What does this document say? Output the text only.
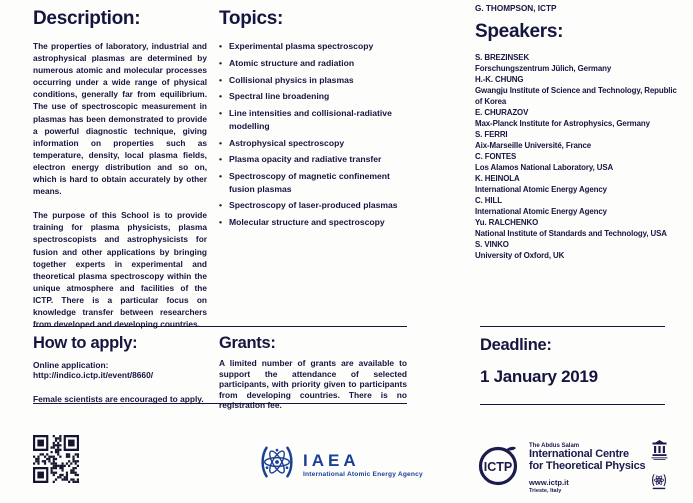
Description:

The properties of laboratory, industrial and astrophysical plasmas are determined by numerous atomic and molecular processes occurring under a wide range of physical conditions, generally far from equilibrium. The use of spectroscopic measurement in plasmas has been demonstrated to provide a powerful diagnostic technique, giving information on properties such as temperature, density, local plasma fields, electron energy distribution and so on, which is hard to obtain accurately by other means.

The purpose of this School is to provide training for plasma physicists, plasma spectroscopists and astrophysicists for fusion and other applications by bringing together experts in experimental and theoretical plasma spectroscopy within the unique atmosphere and facilities of the ICTP. There is a particular focus on knowledge transfer between researchers from developed and developing countries.

Topics:
• Experimental plasma spectroscopy
• Atomic structure and radiation
• Collisional physics in plasmas
• Spectral line broadening
• Line intensities and collisional-radiative modelling
• Astrophysical spectroscopy
• Plasma opacity and radiative transfer
• Spectroscopy of magnetic confinement fusion plasmas
• Spectroscopy of laser-produced plasmas
• Molecular structure and spectroscopy
G. THOMPSON, ICTP
Speakers:
S. BREZINSEK
Forschungszentrum Jülich, Germany
H.-K. CHUNG
Gwangju Institute of Science and Technology, Republic of Korea
E. CHURAZOV
Max-Planck Institute for Astrophysics, Germany
S. FERRI
Aix-Marseille Université, France
C. FONTES
Los Alamos National Laboratory, USA
K. HEINOLA
International Atomic Energy Agency
C. HILL
International Atomic Energy Agency
Yu. RALCHENKO
National Institute of Standards and Technology, USA
S. VINKO
University of Oxford, UK
How to apply:

Online application:

http://indico.ictp.it/event/8660/

Female scientists are encouraged to apply.

Grants:

A limited number of grants are available to support the attendance of selected participants, with priority given to participants from developing countries. There is no registration fee.

Deadline:
1 January 2019
IAEA
International Atomic Energy Agency	ICTP
The Abdus Salam
International Centre
for Theoretical Physics
www.ictp.it
Trieste, Italy
